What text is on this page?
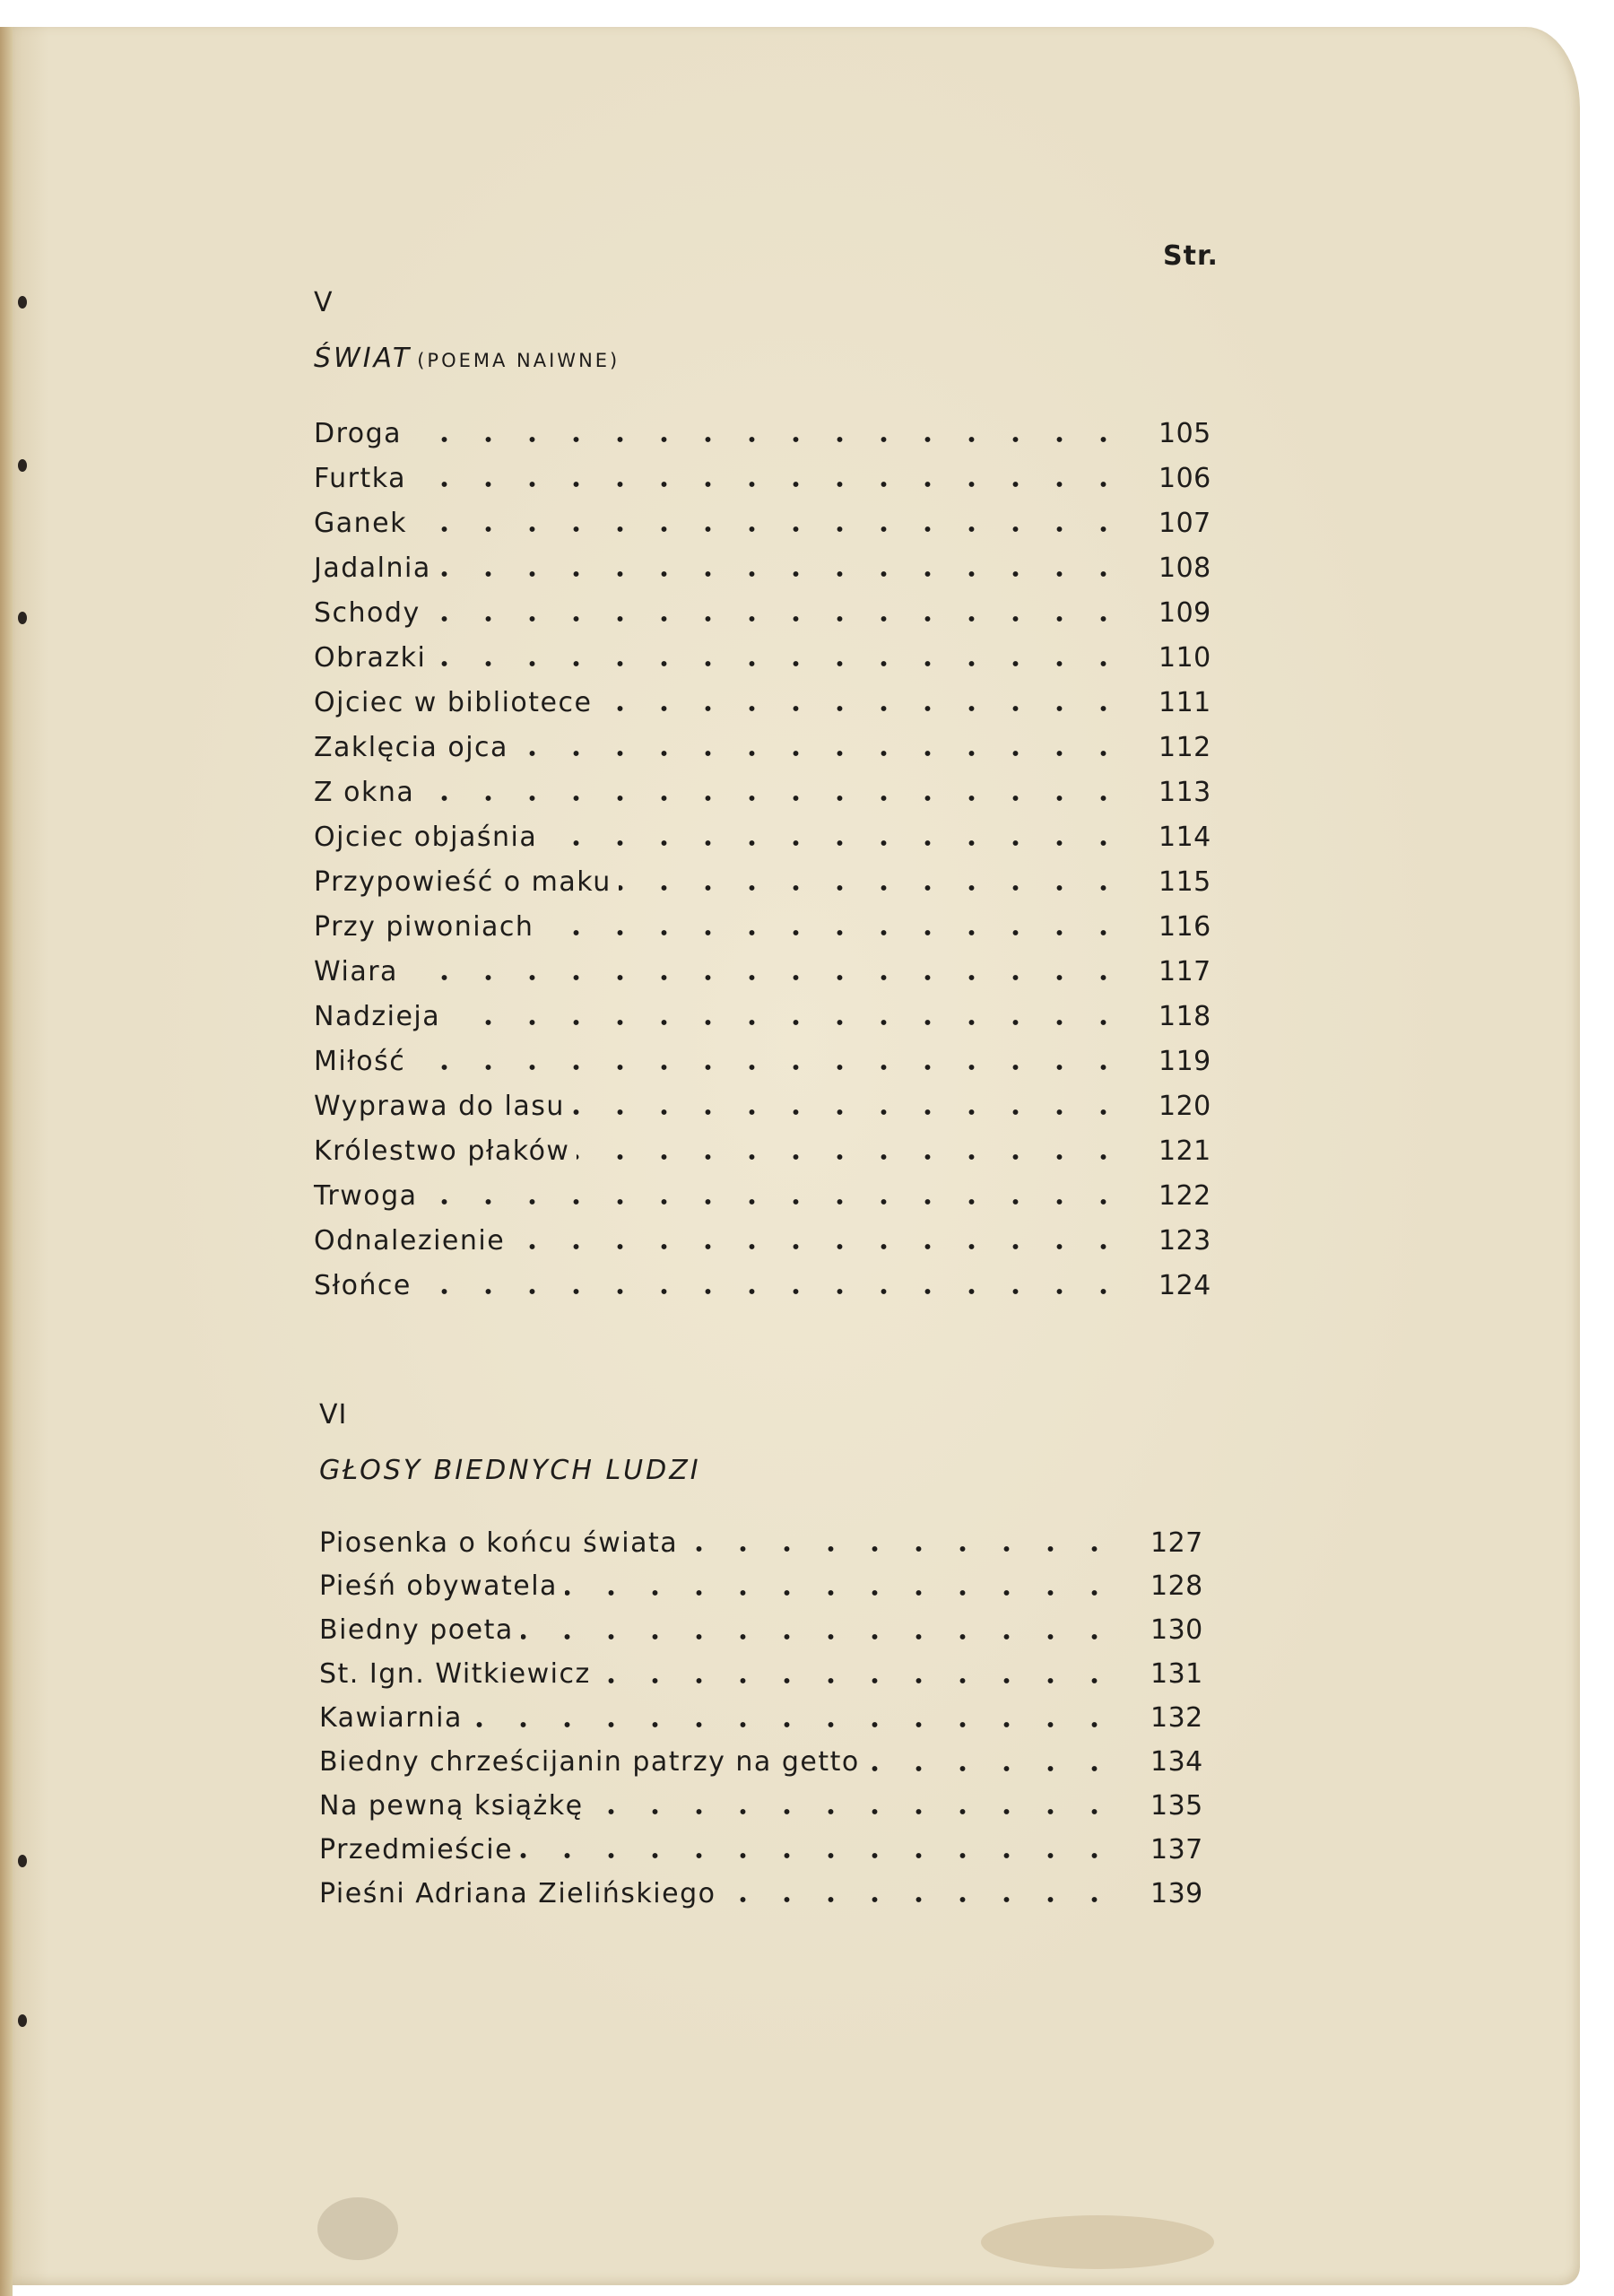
Str.
V
ŚWIAT (POEMA NAIWNE)
Droga	105
Furtka	106
Ganek	107
Jadalnia	108
Schody	109
Obrazki	110
Ojciec w bibliotece	111
Zaklęcia ojca	112
Z okna	113
Ojciec objaśnia	114
Przypowieść o maku	115
Przy piwoniach	116
Wiara	117
Nadzieja	118
Miłość	119
Wyprawa do lasu	120
Królestwo płaków	121
Trwoga	122
Odnalezienie	123
Słońce	124
VI
GŁOSY BIEDNYCH LUDZI
Piosenka o końcu świata	127
Pieśń obywatela	128
Biedny poeta	130
St. Ign. Witkiewicz	131
Kawiarnia	132
Biedny chrześcijanin patrzy na getto	134
Na pewną książkę	135
Przedmieście	137
Pieśni Adriana Zielińskiego	139
